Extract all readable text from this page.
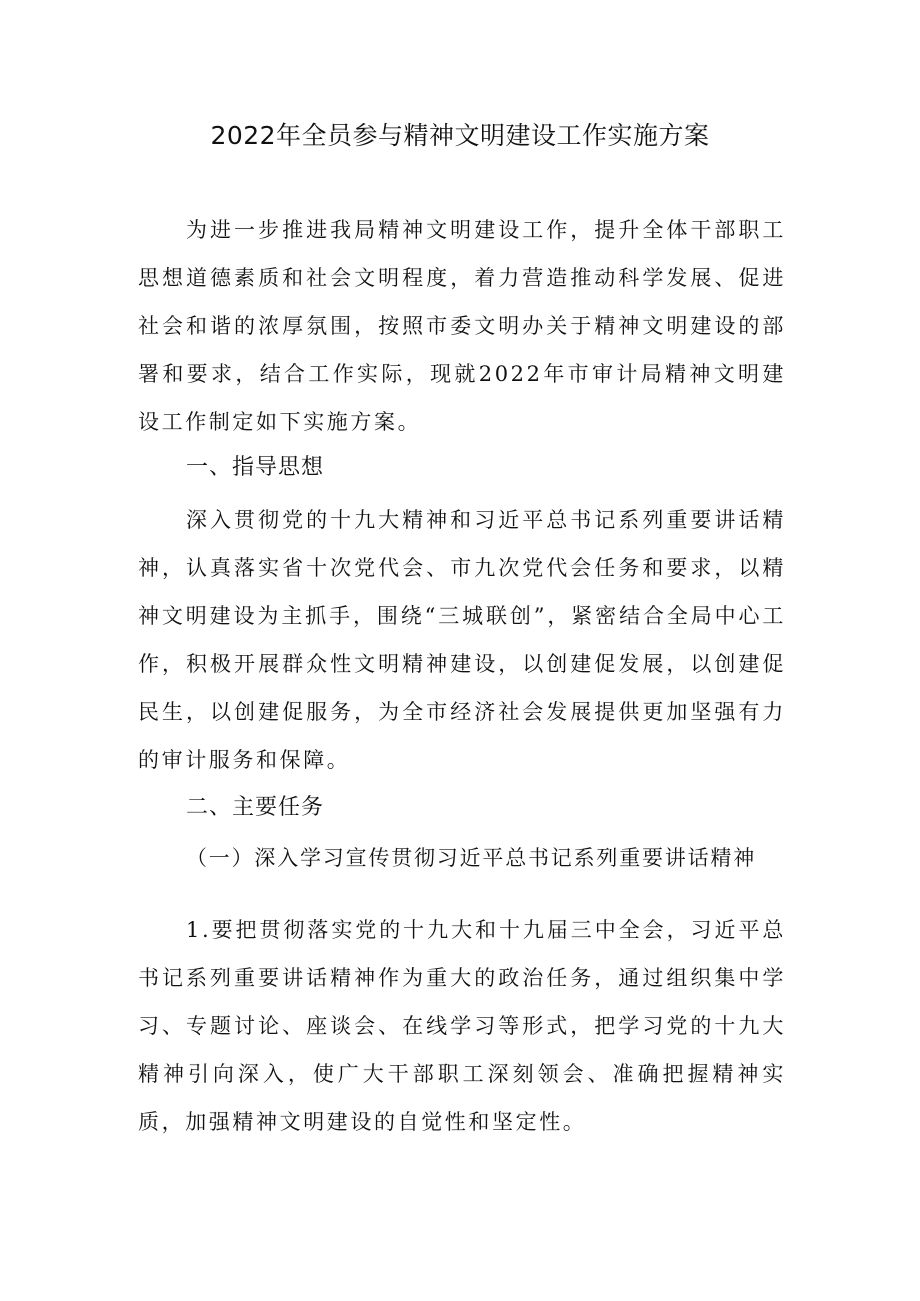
2022年全员参与精神文明建设工作实施方案

为进一步推进我局精神文明建设工作，提升全体干部职工思想道德素质和社会文明程度，着力营造推动科学发展、促进社会和谐的浓厚氛围，按照市委文明办关于精神文明建设的部署和要求，结合工作实际，现就2022年市审计局精神文明建设工作制定如下实施方案。

一、指导思想

深入贯彻党的十九大精神和习近平总书记系列重要讲话精神，认真落实省十次党代会、市九次党代会任务和要求，以精神文明建设为主抓手，围绕“三城联创”，紧密结合全局中心工作，积极开展群众性文明精神建设，以创建促发展，以创建促民生，以创建促服务，为全市经济社会发展提供更加坚强有力的审计服务和保障。

二、主要任务
（一）深入学习宣传贯彻习近平总书记系列重要讲话精神

1.要把贯彻落实党的十九大和十九届三中全会，习近平总书记系列重要讲话精神作为重大的政治任务，通过组织集中学习、专题讨论、座谈会、在线学习等形式，把学习党的十九大精神引向深入，使广大干部职工深刻领会、准确把握精神实质，加强精神文明建设的自觉性和坚定性。
